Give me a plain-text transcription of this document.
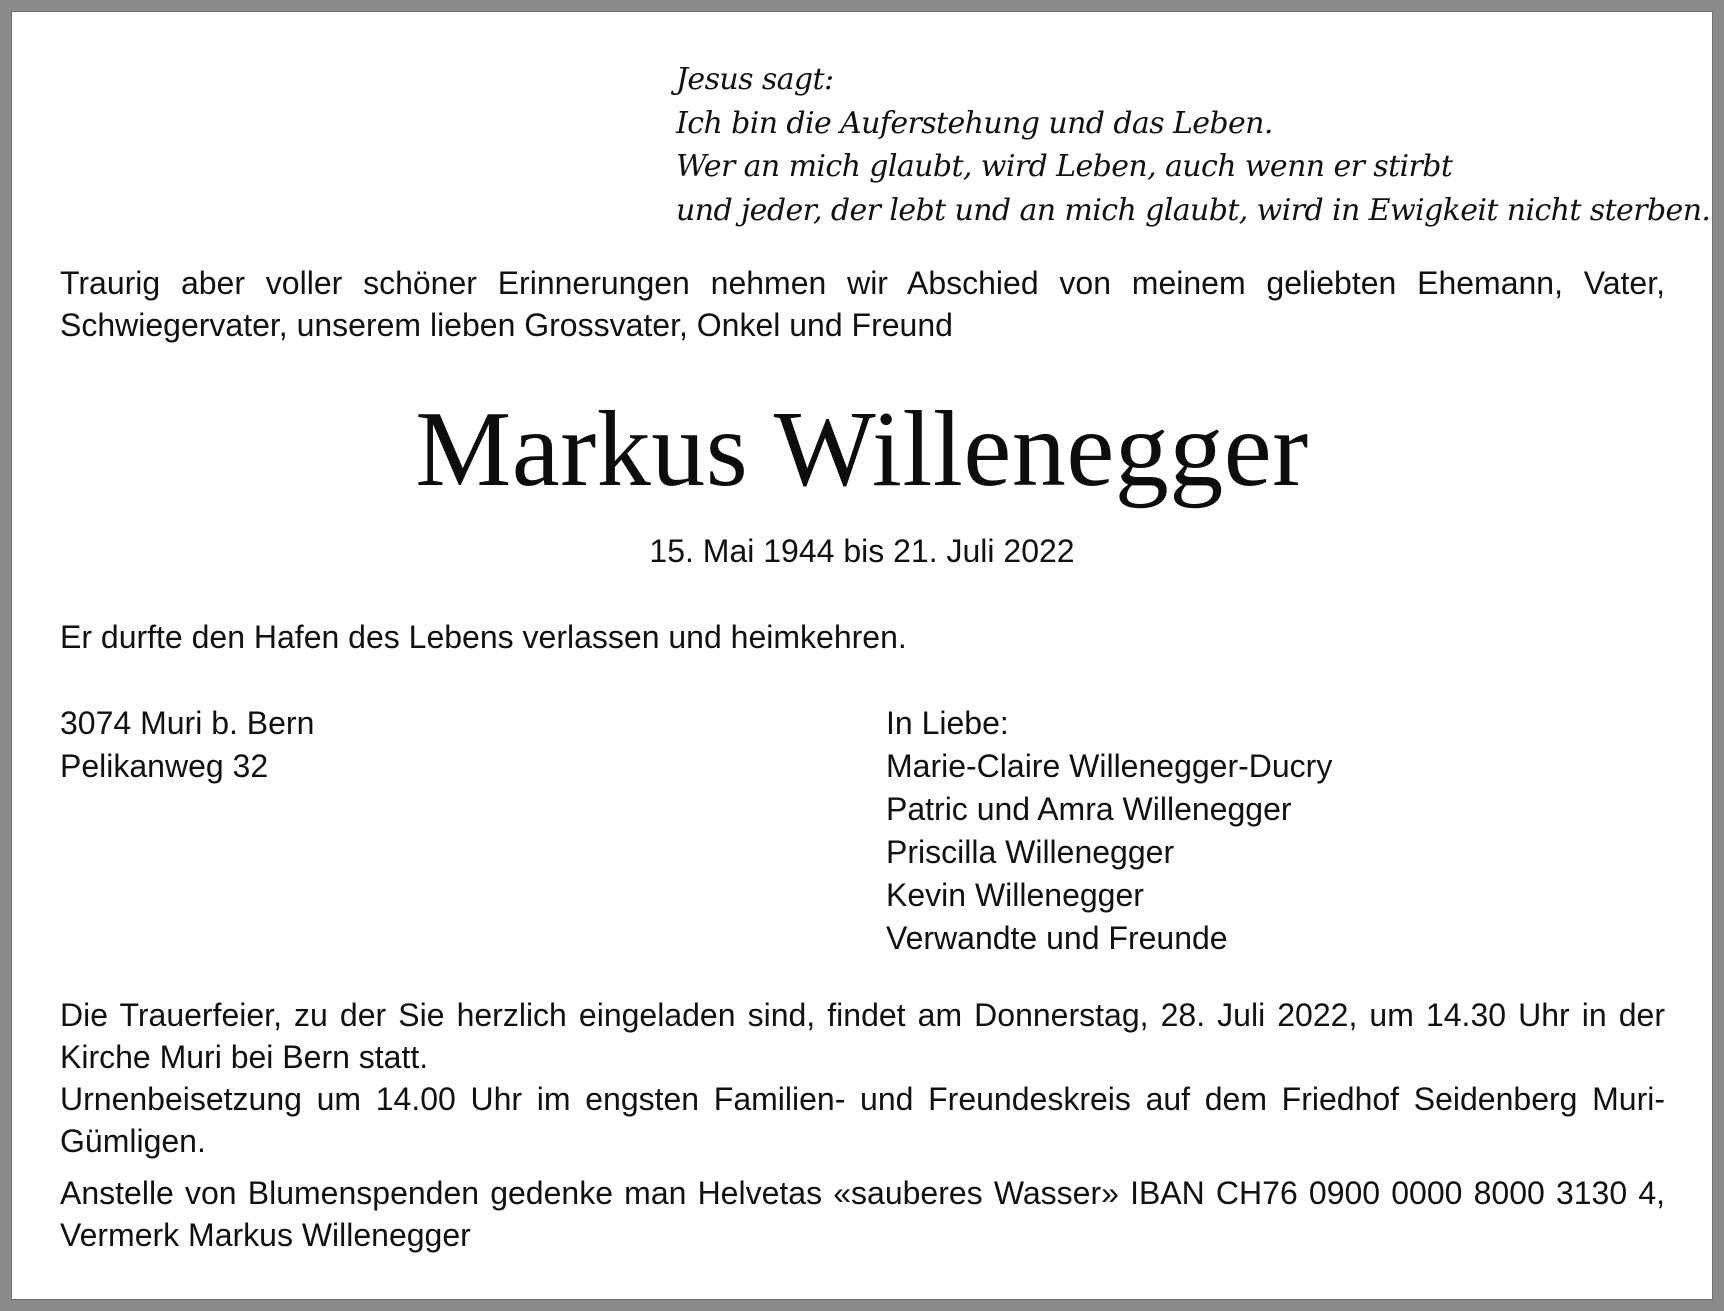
Jesus sagt:
Ich bin die Auferstehung und das Leben.
Wer an mich glaubt, wird Leben, auch wenn er stirbt
und jeder, der lebt und an mich glaubt, wird in Ewigkeit nicht sterben.
Traurig aber voller schöner Erinnerungen nehmen wir Abschied von meinem geliebten Ehemann, Vater, Schwiegervater, unserem lieben Grossvater, Onkel und Freund
Markus Willenegger
15. Mai 1944 bis 21. Juli 2022
Er durfte den Hafen des Lebens verlassen und heimkehren.
3074 Muri b. Bern
Pelikanweg 32
In Liebe:
Marie-Claire Willenegger-Ducry
Patric und Amra Willenegger
Priscilla Willenegger
Kevin Willenegger
Verwandte und Freunde
Die Trauerfeier, zu der Sie herzlich eingeladen sind, findet am Donnerstag, 28. Juli 2022, um 14.30 Uhr in der Kirche Muri bei Bern statt.
Urnenbeisetzung um 14.00 Uhr im engsten Familien- und Freundeskreis auf dem Friedhof Seidenberg Muri-Gümligen.
Anstelle von Blumenspenden gedenke man Helvetas «sauberes Wasser» IBAN CH76 0900 0000 8000 3130 4, Vermerk Markus Willenegger
